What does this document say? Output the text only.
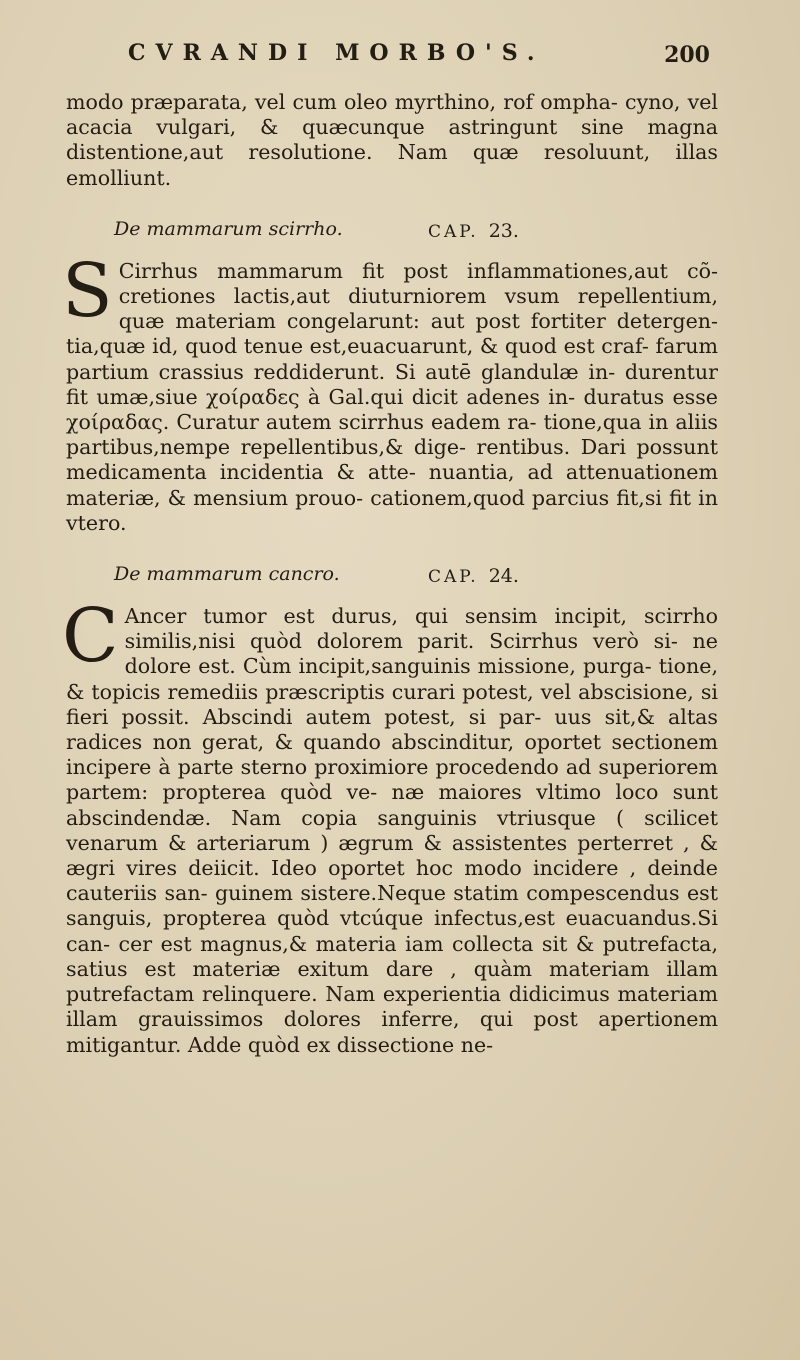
CVRANDI MORBO'S.	200

modo præparata, vel cum oleo myrthino, rof ompha- cyno, vel acacia vulgari, & quæcunque astringunt sine magna distentione,aut resolutione. Nam quæ resoluunt, illas emolliunt.

De mammarum scirrho.	CAP. 23.
S Cirrhus mammarum fit post inflammationes,aut cõ- cretiones lactis,aut diuturniorem vsum repellentium, quæ materiam congelarunt: aut post fortiter detergen- tia,quæ id, quod tenue est,euacuarunt, & quod est craf- farum partium crassius reddiderunt. Si autē glandulæ in- durentur fit umæ,siue χοίραδες à Gal.qui dicit adenes in- duratus esse χοίραδας. Curatur autem scirrhus eadem ra- tione,qua in aliis partibus,nempe repellentibus,& dige- rentibus. Dari possunt medicamenta incidentia & atte- nuantia, ad attenuationem materiæ, & mensium prouo- cationem,quod parcius fit,si fit in vtero.

De mammarum cancro.	CAP. 24.
C Ancer tumor est durus, qui sensim incipit, scirrho similis,nisi quòd dolorem parit. Scirrhus verò si- ne dolore est. Cùm incipit,sanguinis missione, purga- tione, & topicis remediis præscriptis curari potest, vel abscisione, si fieri possit. Abscindi autem potest, si par- uus sit,& altas radices non gerat, & quando abscinditur, oportet sectionem incipere à parte sterno proximiore procedendo ad superiorem partem: propterea quòd ve- næ maiores vltimo loco sunt abscindendæ. Nam copia sanguinis vtriusque ( scilicet venarum & arteriarum ) ægrum & assistentes perterret , & ægri vires deiicit. Ideo oportet hoc modo incidere , deinde cauteriis san- guinem sistere.Neque statim compescendus est sanguis, propterea quòd vtcúque infectus,est euacuandus.Si can- cer est magnus,& materia iam collecta sit & putrefacta, satius est materiæ exitum dare , quàm materiam illam putrefactam relinquere. Nam experientia didicimus materiam illam grauissimos dolores inferre, qui post apertionem mitigantur. Adde quòd ex dissectione ne-
